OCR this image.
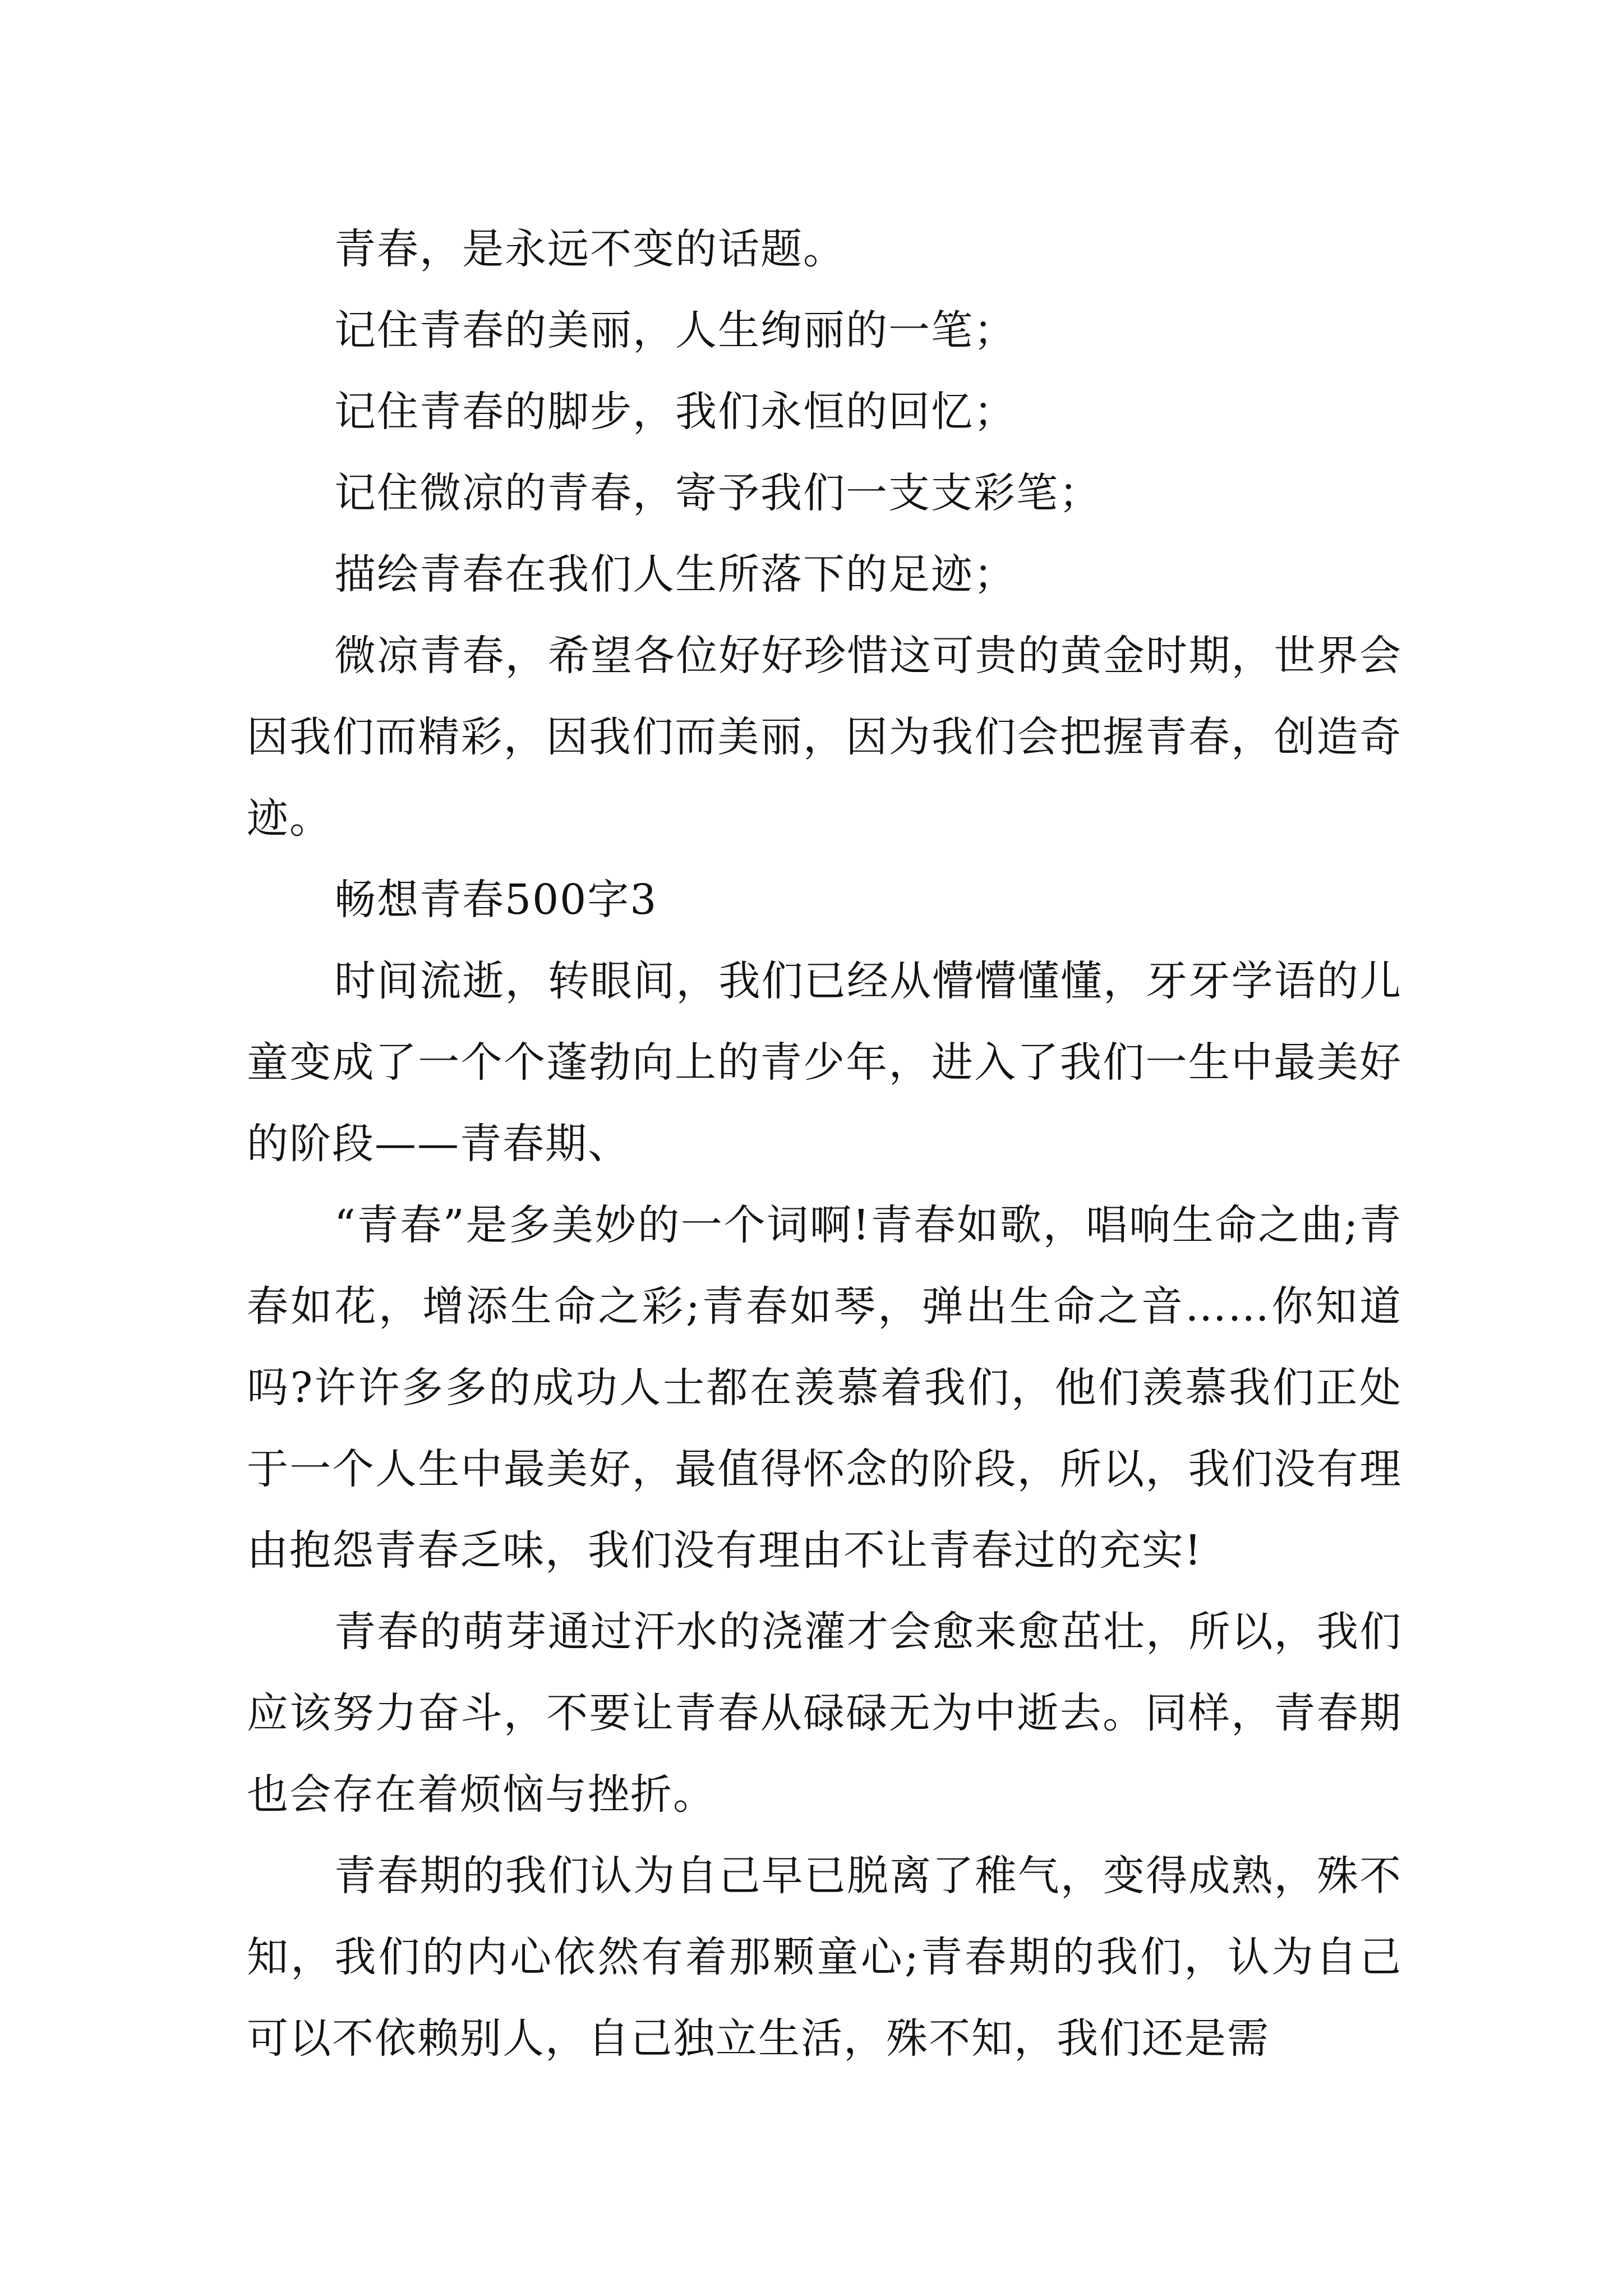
青春，是永远不变的话题。

记住青春的美丽，人生绚丽的一笔；

记住青春的脚步，我们永恒的回忆；

记住微凉的青春，寄予我们一支支彩笔；

描绘青春在我们人生所落下的足迹；

微凉青春，希望各位好好珍惜这可贵的黄金时期，世界会因我们而精彩，因我们而美丽，因为我们会把握青春，创造奇迹。

畅想青春500字3

时间流逝，转眼间，我们已经从懵懵懂懂，牙牙学语的儿童变成了一个个蓬勃向上的青少年，进入了我们一生中最美好的阶段——青春期、

“青春”是多美妙的一个词啊!青春如歌，唱响生命之曲;青春如花，增添生命之彩;青春如琴，弹出生命之音……你知道吗?许许多多的成功人士都在羡慕着我们，他们羡慕我们正处于一个人生中最美好，最值得怀念的阶段，所以，我们没有理由抱怨青春乏味，我们没有理由不让青春过的充实!

青春的萌芽通过汗水的浇灌才会愈来愈茁壮，所以，我们应该努力奋斗，不要让青春从碌碌无为中逝去。同样，青春期也会存在着烦恼与挫折。

青春期的我们认为自己早已脱离了稚气，变得成熟，殊不知，我们的内心依然有着那颗童心;青春期的我们，认为自己可以不依赖别人，自己独立生活，殊不知，我们还是需
